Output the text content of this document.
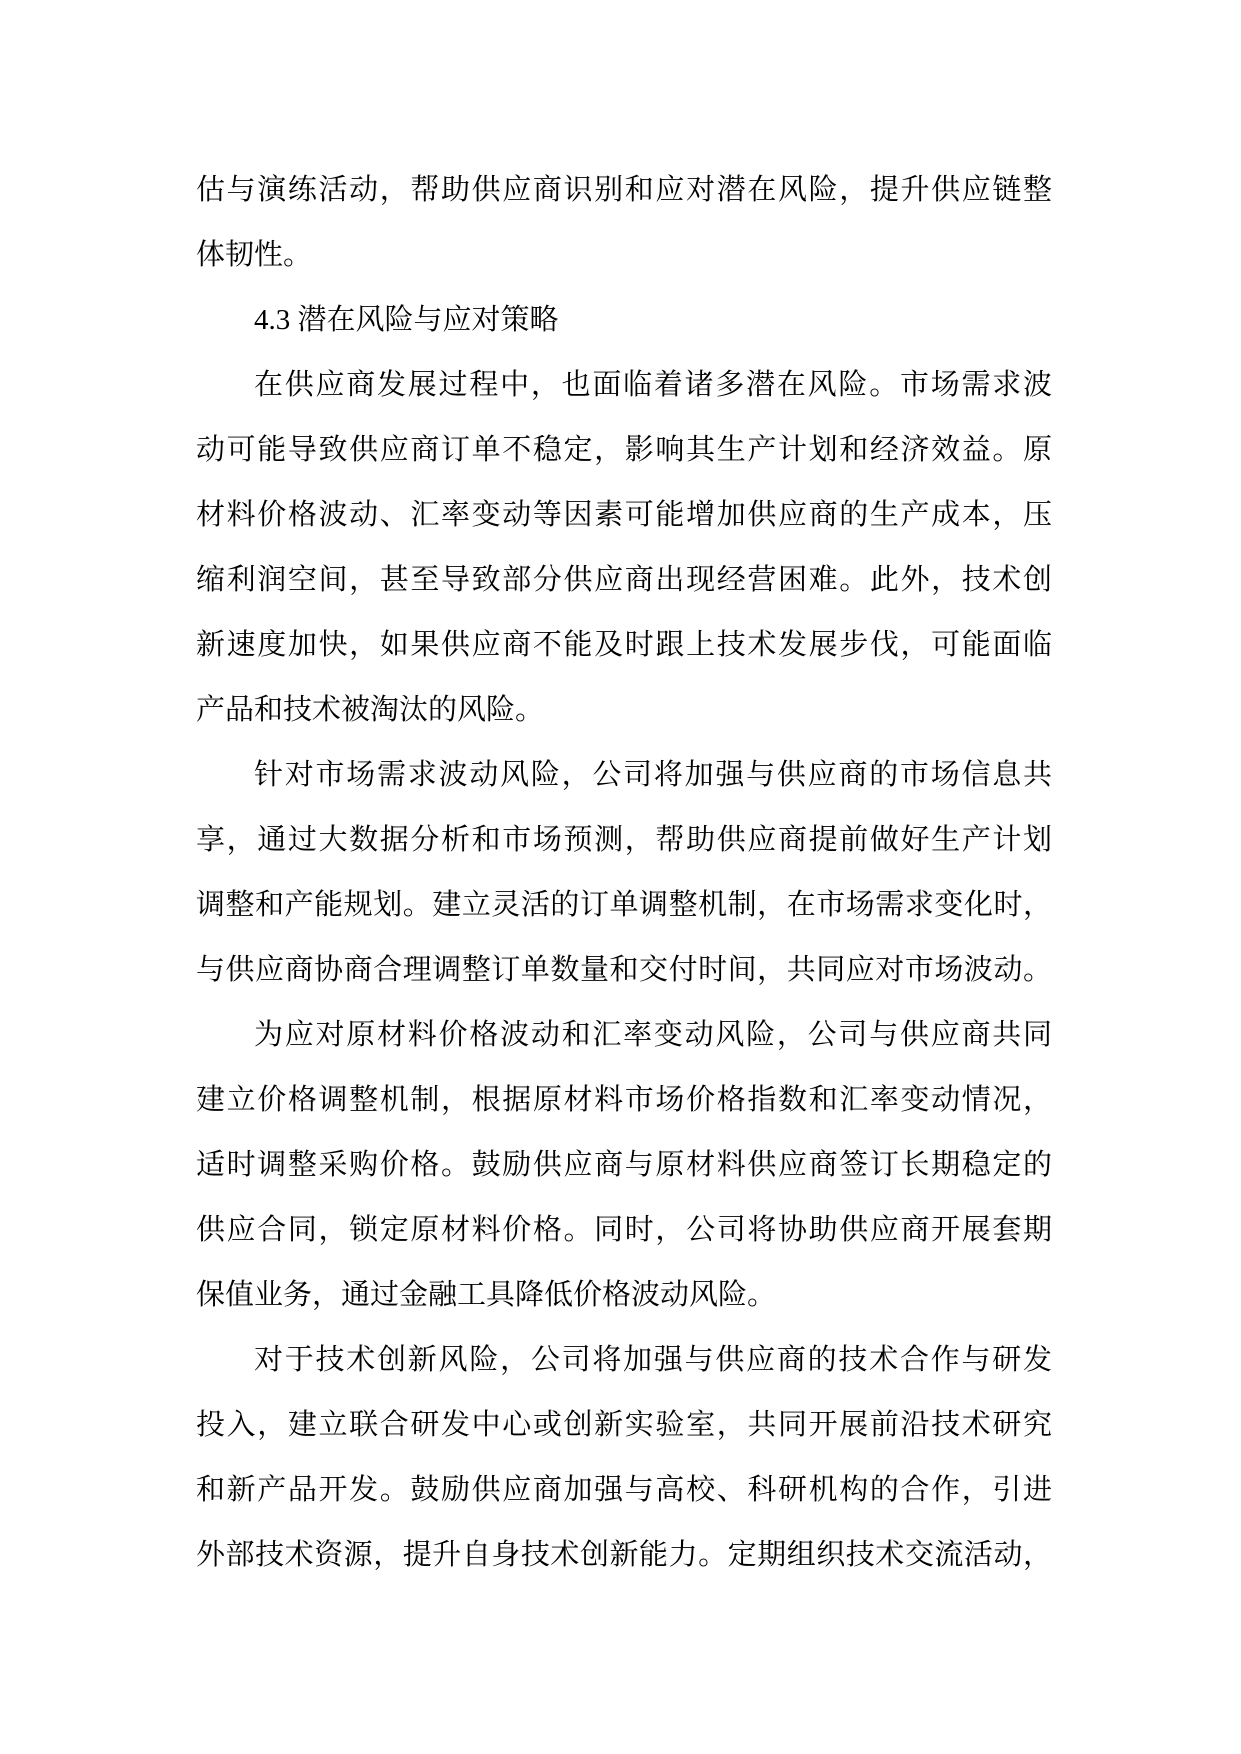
估与演练活动，帮助供应商识别和应对潜在风险，提升供应链整
体韧性。
4.3 潜在风险与应对策略
在供应商发展过程中，也面临着诸多潜在风险。市场需求波
动可能导致供应商订单不稳定，影响其生产计划和经济效益。原
材料价格波动、汇率变动等因素可能增加供应商的生产成本，压
缩利润空间，甚至导致部分供应商出现经营困难。此外，技术创
新速度加快，如果供应商不能及时跟上技术发展步伐，可能面临
产品和技术被淘汰的风险。
针对市场需求波动风险，公司将加强与供应商的市场信息共
享，通过大数据分析和市场预测，帮助供应商提前做好生产计划
调整和产能规划。建立灵活的订单调整机制，在市场需求变化时，
与供应商协商合理调整订单数量和交付时间，共同应对市场波动。
为应对原材料价格波动和汇率变动风险，公司与供应商共同
建立价格调整机制，根据原材料市场价格指数和汇率变动情况，
适时调整采购价格。鼓励供应商与原材料供应商签订长期稳定的
供应合同，锁定原材料价格。同时，公司将协助供应商开展套期
保值业务，通过金融工具降低价格波动风险。
对于技术创新风险，公司将加强与供应商的技术合作与研发
投入，建立联合研发中心或创新实验室，共同开展前沿技术研究
和新产品开发。鼓励供应商加强与高校、科研机构的合作，引进
外部技术资源，提升自身技术创新能力。定期组织技术交流活动，
